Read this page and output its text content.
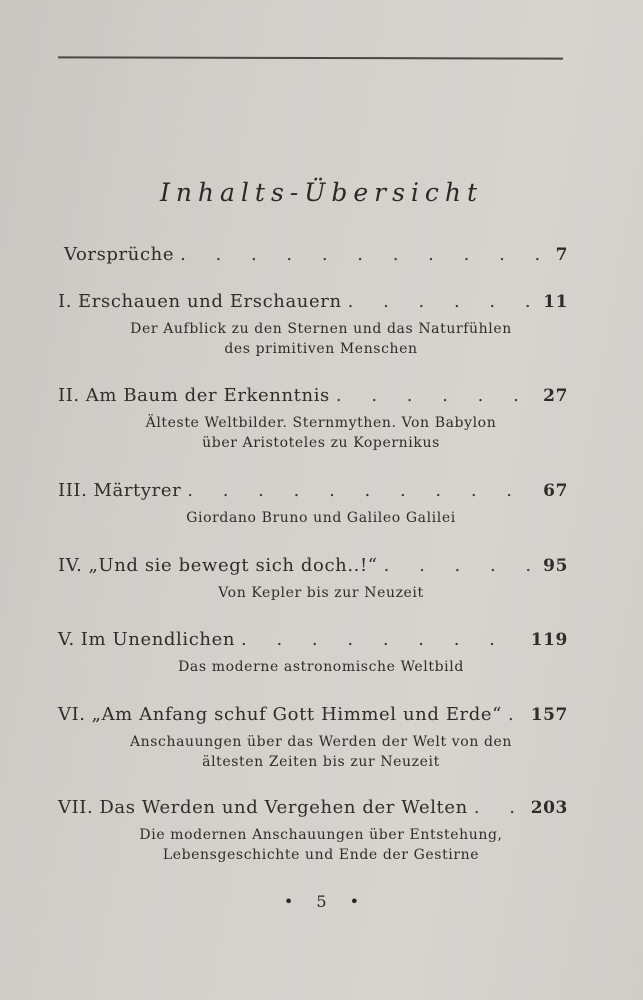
Inhalts-Übersicht
Vorsprüche . . .	7
I. Erschauen und Erschauern . . .	11
Der Aufblick zu den Sternen und das Naturfühlen
des primitiven Menschen
II. Am Baum der Erkenntnis . . .	27
Älteste Weltbilder. Sternmythen. Von Babylon
über Aristoteles zu Kopernikus
III. Märtyrer . . .	67
Giordano Bruno und Galileo Galilei
IV. „Und sie bewegt sich doch..!“ . . .	95
Von Kepler bis zur Neuzeit
V. Im Unendlichen . . .	119
Das moderne astronomische Weltbild
VI. „Am Anfang schuf Gott Himmel und Erde“ . . . 157
Anschauungen über das Werden der Welt von den
ältesten Zeiten bis zur Neuzeit
VII. Das Werden und Vergehen der Welten . . .	203
Die modernen Anschauungen über Entstehung,
Lebensgeschichte und Ende der Gestirne
• 5 •
